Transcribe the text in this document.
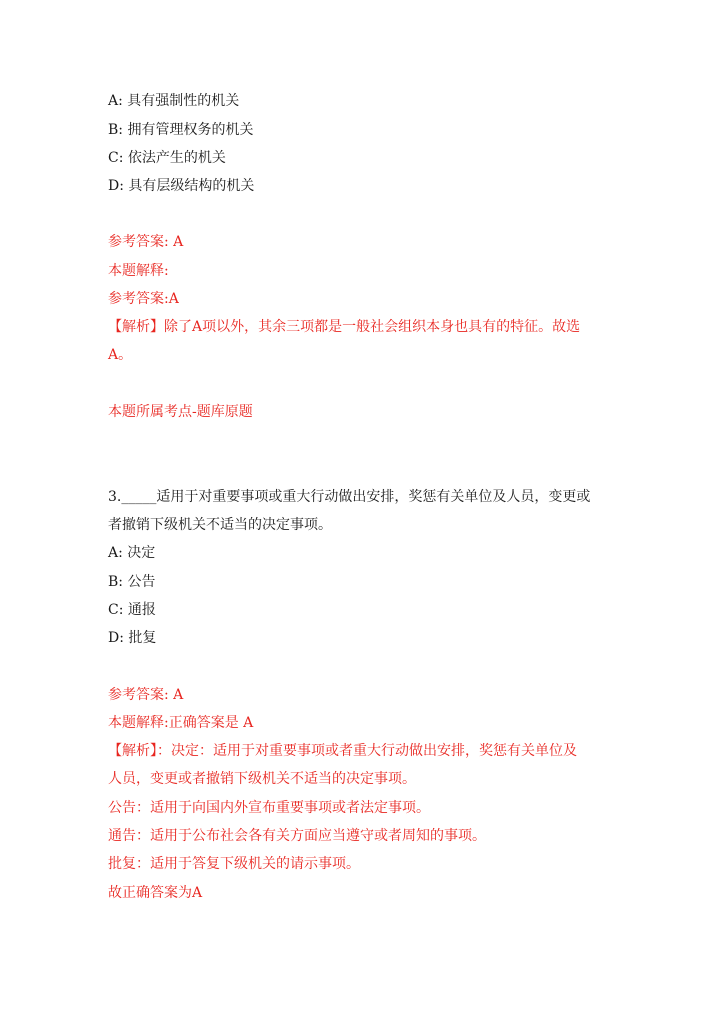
A: 具有强制性的机关
B: 拥有管理权务的机关
C: 依法产生的机关
D: 具有层级结构的机关
参考答案: A
本题解释:
参考答案:A
【解析】除了A项以外，其余三项都是一般社会组织本身也具有的特征。故选
A。
本题所属考点-题库原题
3._____适用于对重要事项或重大行动做出安排，奖惩有关单位及人员，变更或
者撤销下级机关不适当的决定事项。
A: 决定
B: 公告
C: 通报
D: 批复
参考答案: A
本题解释:正确答案是 A
【解析】：决定：适用于对重要事项或者重大行动做出安排，奖惩有关单位及
人员，变更或者撤销下级机关不适当的决定事项。
公告：适用于向国内外宣布重要事项或者法定事项。
通告：适用于公布社会各有关方面应当遵守或者周知的事项。
批复：适用于答复下级机关的请示事项。
故正确答案为A
